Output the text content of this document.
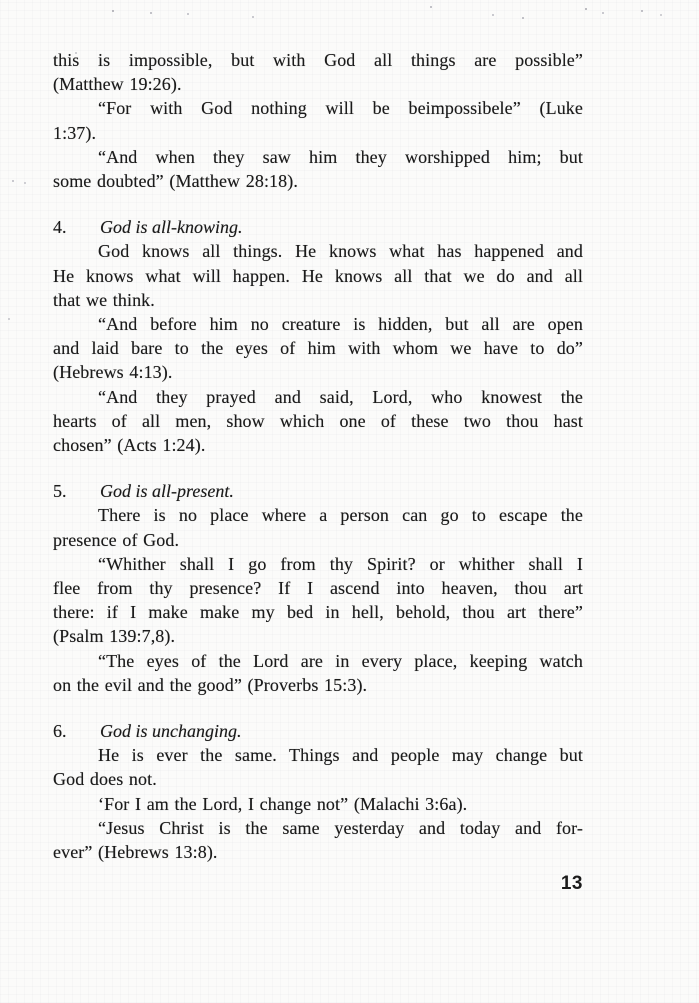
this is impossible, but with God all things are possible”
(Matthew 19:26).
“For with God nothing will be beimpossibele” (Luke
1:37).
“And when they saw him they worshipped him; but
some doubted” (Matthew 28:18).
4. God is all-knowing.
God knows all things. He knows what has happened and
He knows what will happen. He knows all that we do and all
that we think.
“And before him no creature is hidden, but all are open
and laid bare to the eyes of him with whom we have to do”
(Hebrews 4:13).
“And they prayed and said, Lord, who knowest the
hearts of all men, show which one of these two thou hast
chosen” (Acts 1:24).
5. God is all-present.
There is no place where a person can go to escape the
presence of God.
“Whither shall I go from thy Spirit? or whither shall I
flee from thy presence? If I ascend into heaven, thou art
there: if I make make my bed in hell, behold, thou art there”
(Psalm 139:7,8).
“The eyes of the Lord are in every place, keeping watch
on the evil and the good” (Proverbs 15:3).
6. God is unchanging.
He is ever the same. Things and people may change but
God does not.
‘For I am the Lord, I change not” (Malachi 3:6a).
“Jesus Christ is the same yesterday and today and for-
ever” (Hebrews 13:8).
13
